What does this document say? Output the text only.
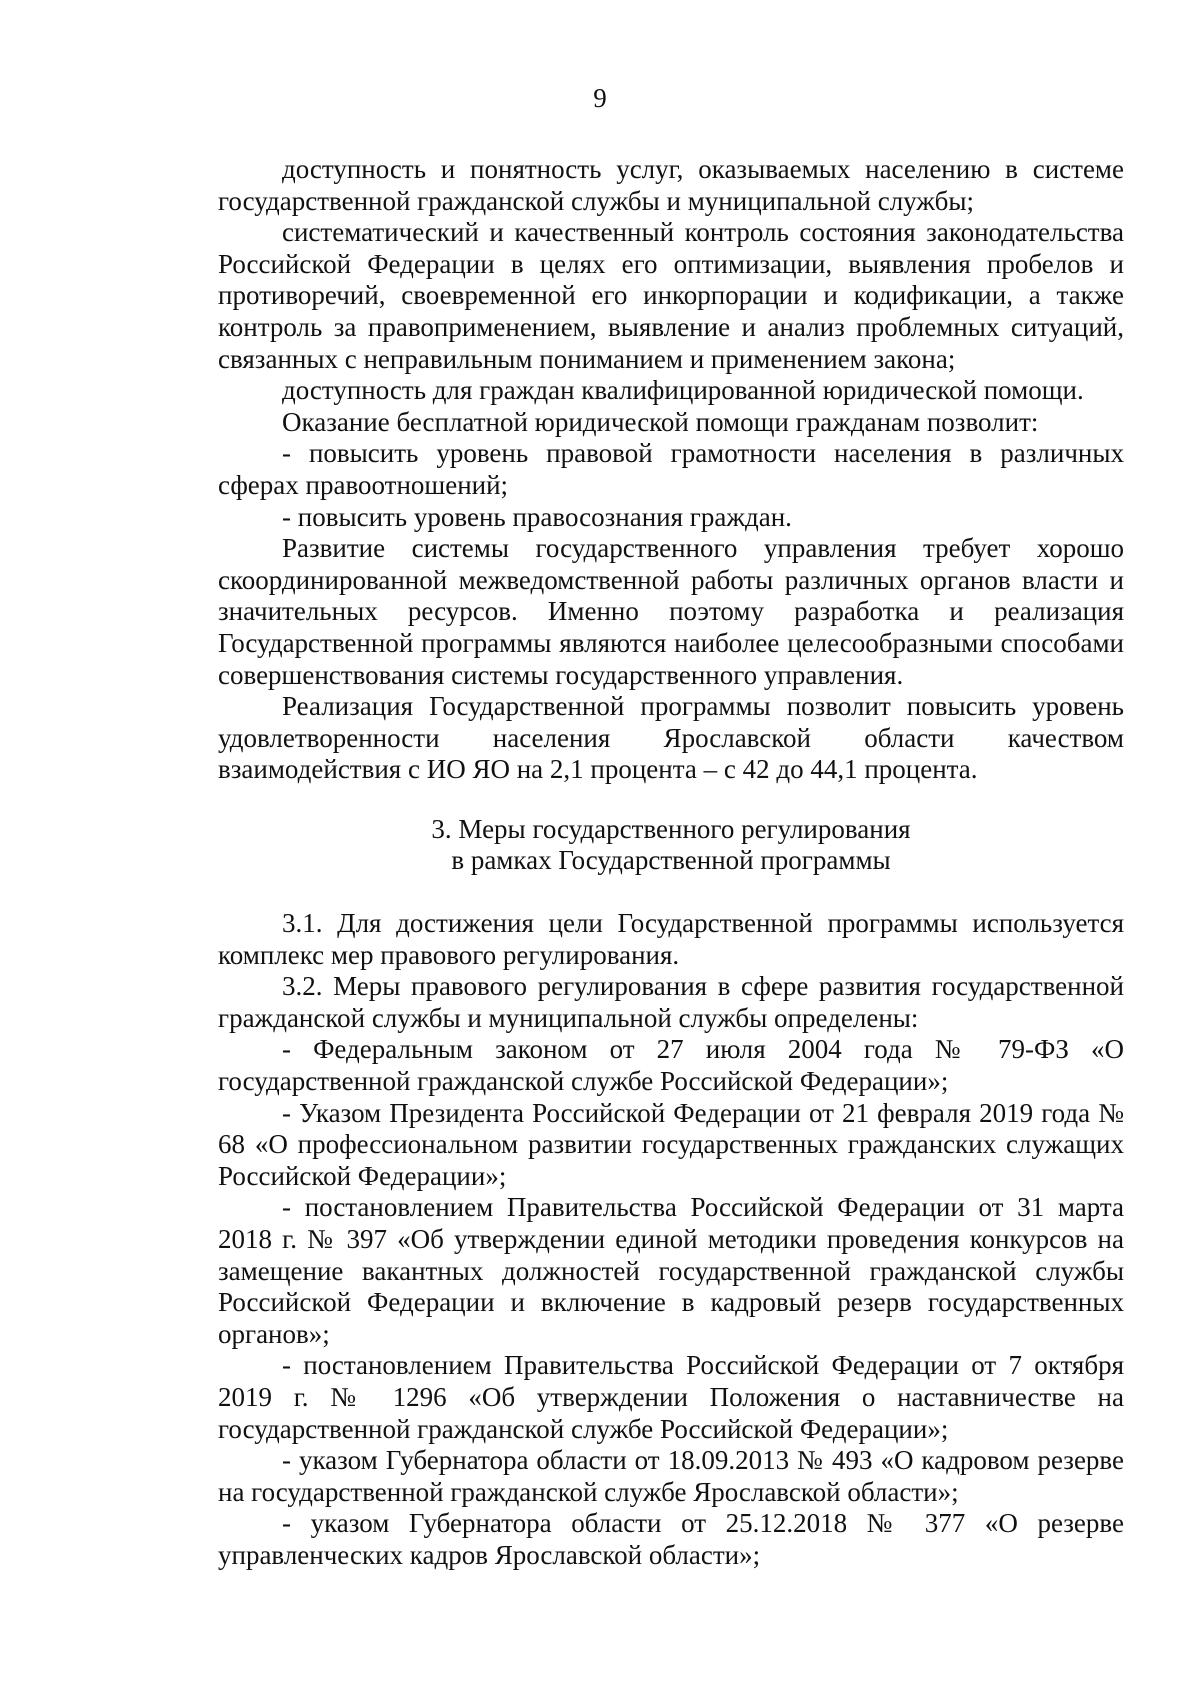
9

доступность и понятность услуг, оказываемых населению в системе государственной гражданской службы и муниципальной службы;

систематический и качественный контроль состояния законодательства Российской Федерации в целях его оптимизации, выявления пробелов и противоречий, своевременной его инкорпорации и кодификации, а также контроль за правоприменением, выявление и анализ проблемных ситуаций, связанных с неправильным пониманием и применением закона;

доступность для граждан квалифицированной юридической помощи.

Оказание бесплатной юридической помощи гражданам позволит:

- повысить уровень правовой грамотности населения в различных сферах правоотношений;

- повысить уровень правосознания граждан.

Развитие системы государственного управления требует хорошо скоординированной межведомственной работы различных органов власти и значительных ресурсов. Именно поэтому разработка и реализация Государственной программы являются наиболее целесообразными способами совершенствования системы государственного управления.

Реализация Государственной программы позволит повысить уровень удовлетворенности населения Ярославской области качеством взаимодействия с ИО ЯО на 2,1 процента – с 42 до 44,1 процента.

3. Меры государственного регулирования
в рамках Государственной программы

3.1. Для достижения цели Государственной программы используется комплекс мер правового регулирования.

3.2. Меры правового регулирования в сфере развития государственной гражданской службы и муниципальной службы определены:

- Федеральным законом от 27 июля 2004 года № 79-ФЗ «О государственной гражданской службе Российской Федерации»;

- Указом Президента Российской Федерации от 21 февраля 2019 года № 68 «О профессиональном развитии государственных гражданских служащих Российской Федерации»;

- постановлением Правительства Российской Федерации от 31 марта 2018 г. № 397 «Об утверждении единой методики проведения конкурсов на замещение вакантных должностей государственной гражданской службы Российской Федерации и включение в кадровый резерв государственных органов»;

- постановлением Правительства Российской Федерации от 7 октября 2019 г. № 1296 «Об утверждении Положения о наставничестве на государственной гражданской службе Российской Федерации»;

- указом Губернатора области от 18.09.2013 № 493 «О кадровом резерве на государственной гражданской службе Ярославской области»;

- указом Губернатора области от 25.12.2018 № 377 «О резерве управленческих кадров Ярославской области»;
